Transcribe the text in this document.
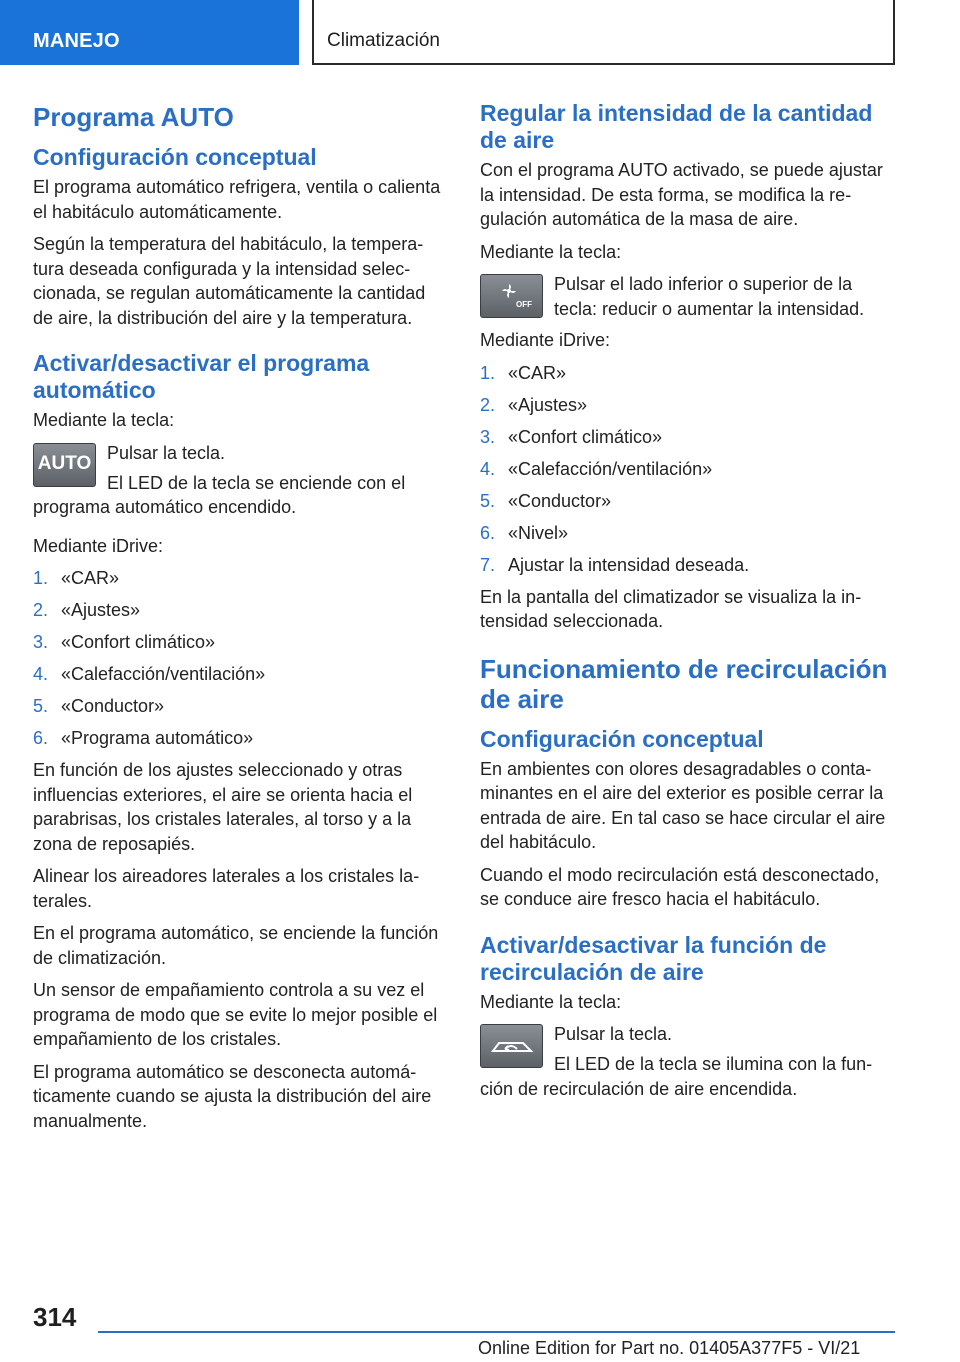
MANEJO	Climatización
Programa AUTO
Configuración conceptual

El programa automático refrigera, ventila o calienta el habitáculo automáticamente.

Según la temperatura del habitáculo, la temperatura deseada configurada y la intensidad seleccionada, se regulan automáticamente la cantidad de aire, la distribución del aire y la temperatura.

Activar/desactivar el programa automático

Mediante la tecla:

AUTO

Pulsar la tecla.

El LED de la tecla se enciende con el programa automático encendido.

Mediante iDrive:

1. «CAR»
2. «Ajustes»
3. «Confort climático»
4. «Calefacción/ventilación»
5. «Conductor»
6. «Programa automático»

En función de los ajustes seleccionado y otras influencias exteriores, el aire se orienta hacia el parabrisas, los cristales laterales, al torso y a la zona de reposapiés.

Alinear los aireadores laterales a los cristales laterales.

En el programa automático, se enciende la función de climatización.

Un sensor de empañamiento controla a su vez el programa de modo que se evite lo mejor posible el empañamiento de los cristales.

El programa automático se desconecta automáticamente cuando se ajusta la distribución del aire manualmente.

Regular la intensidad de la cantidad de aire

Con el programa AUTO activado, se puede ajustar la intensidad. De esta forma, se modifica la regulación automática de la masa de aire.

Mediante la tecla:

OFF

Pulsar el lado inferior o superior de la tecla: reducir o aumentar la intensidad.

Mediante iDrive:

1. «CAR»
2. «Ajustes»
3. «Confort climático»
4. «Calefacción/ventilación»
5. «Conductor»
6. «Nivel»
7. Ajustar la intensidad deseada.

En la pantalla del climatizador se visualiza la intensidad seleccionada.

Funcionamiento de recirculación de aire
Configuración conceptual

En ambientes con olores desagradables o contaminantes en el aire del exterior es posible cerrar la entrada de aire. En tal caso se hace circular el aire del habitáculo.

Cuando el modo recirculación está desconectado, se conduce aire fresco hacia el habitáculo.

Activar/desactivar la función de recirculación de aire

Mediante la tecla:

Pulsar la tecla.

El LED de la tecla se ilumina con la función de recirculación de aire encendida.

314
Online Edition for Part no. 01405A377F5 - VI/21
